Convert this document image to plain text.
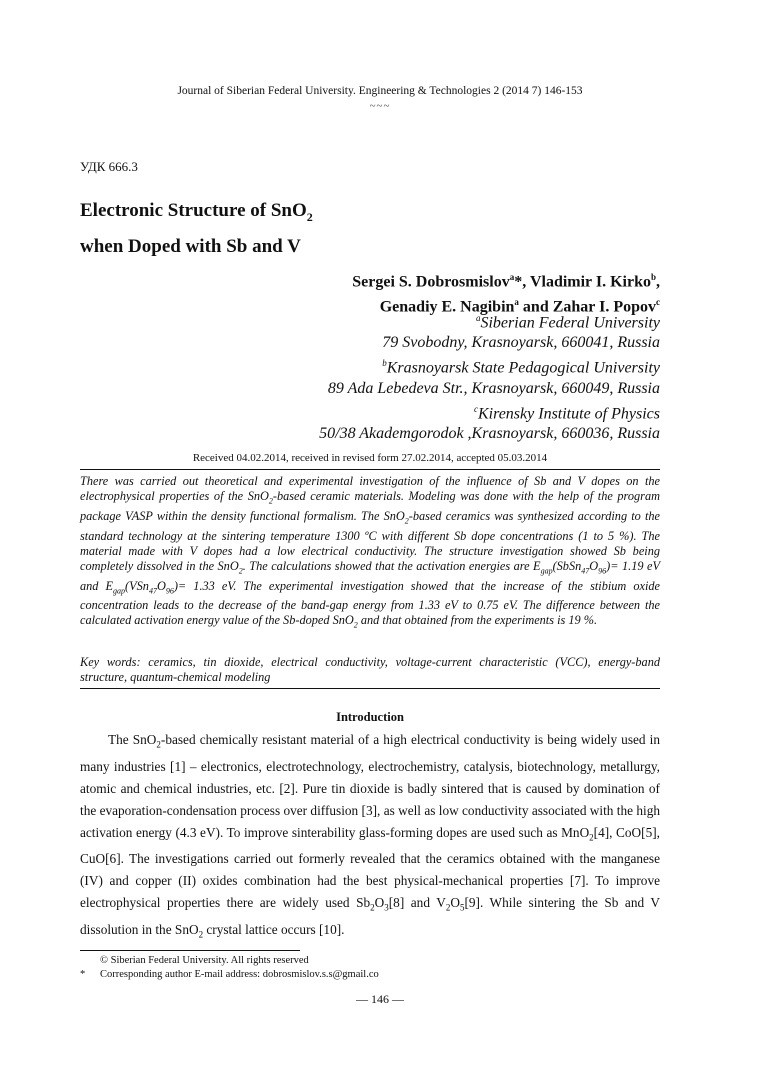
Journal of Siberian Federal University. Engineering & Technologies 2 (2014 7) 146-153
~~~
УДК 666.3
Electronic Structure of SnO$_2$
when Doped with Sb and V
Sergei S. Dobrosmislov$^a$*, Vladimir I. Kirko$^b$,
Genadiy E. Nagibin$^a$ and Zahar I. Popov$^c$
$^a$Siberian Federal University
79 Svobodny, Krasnoyarsk, 660041, Russia
$^b$Krasnoyarsk State Pedagogical University
89 Ada Lebedeva Str., Krasnoyarsk, 660049, Russia
$^c$Kirensky Institute of Physics
50/38 Akademgorodok ,Krasnoyarsk, 660036, Russia
Received 04.02.2014, received in revised form 27.02.2014, accepted 05.03.2014
There was carried out theoretical and experimental investigation of the influence of Sb and V dopes on the electrophysical properties of the SnO$_2$-based ceramic materials. Modeling was done with the help of the program package VASP within the density functional formalism. The SnO$_2$-based ceramics was synthesized according to the standard technology at the sintering temperature 1300 ºC with different Sb dope concentrations (1 to 5 %). The material made with V dopes had a low electrical conductivity. The structure investigation showed Sb being completely dissolved in the SnO$_2$. The calculations showed that the activation energies are $E_{gap}(SbSn_{47}O_{96})= 1.19$ eV and $E_{gap}(VSn_{47}O_{96})= 1.33$ eV. The experimental investigation showed that the increase of the stibium oxide concentration leads to the decrease of the band-gap energy from 1.33 eV to 0.75 eV. The difference between the calculated activation energy value of the Sb-doped SnO$_2$ and that obtained from the experiments is 19 %.
Key words: ceramics, tin dioxide, electrical conductivity, voltage-current characteristic (VCC), energy-band structure, quantum-chemical modeling
Introduction

The SnO$_2$-based chemically resistant material of a high electrical conductivity is being widely used in many industries [1] – electronics, electrotechnology, electrochemistry, catalysis, biotechnology, metallurgy, atomic and chemical industries, etc. [2]. Pure tin dioxide is badly sintered that is caused by domination of the evaporation-condensation process over diffusion [3], as well as low conductivity associated with the high activation energy (4.3 eV). To improve sinterability glass-forming dopes are used such as MnO$_2$[4], CoO[5], CuO[6]. The investigations carried out formerly revealed that the ceramics obtained with the manganese (IV) and copper (II) oxides combination had the best physical-mechanical properties [7]. To improve electrophysical properties there are widely used $Sb_2O_3[8]$ and $V_2O_5[9]$. While sintering the Sb and V dissolution in the SnO$_2$ crystal lattice occurs [10].

© Siberian Federal University. All rights reserved
* Corresponding author E-mail address: dobrosmislov.s.s@gmail.co
— 146 —
